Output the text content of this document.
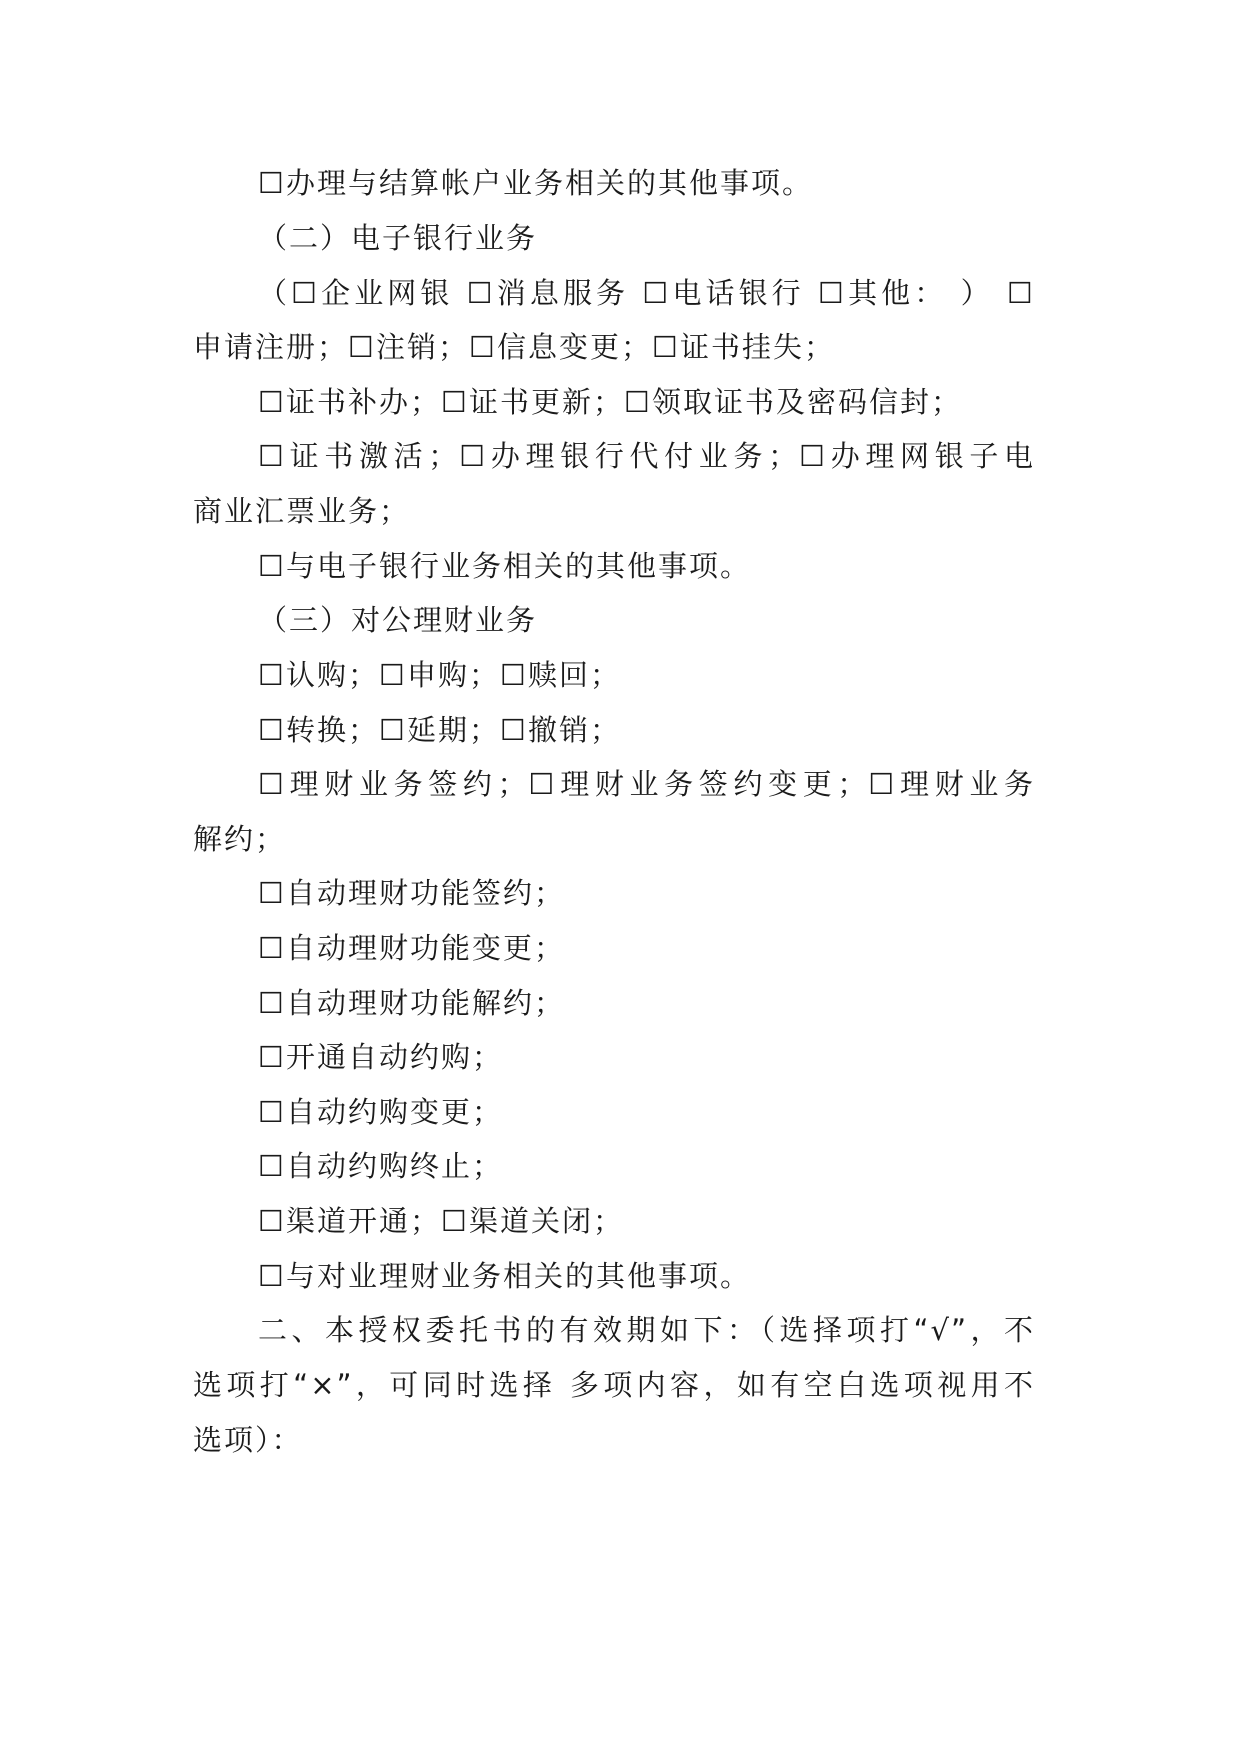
☐办理与结算帐户业务相关的其他事项。
（二）电子银行业务
（☐企业网银 ☐消息服务 ☐电话银行 ☐其他： ） ☐
申请注册；☐注销；☐信息变更；☐证书挂失；
☐证书补办；☐证书更新；☐领取证书及密码信封；
☐证书激活；☐办理银行代付业务；☐办理网银子电
商业汇票业务；
☐与电子银行业务相关的其他事项。
（三）对公理财业务
☐认购；☐申购；☐赎回；
☐转换；☐延期；☐撤销；
☐理财业务签约；☐理财业务签约变更；☐理财业务
解约；
☐自动理财功能签约；
☐自动理财功能变更；
☐自动理财功能解约；
☐开通自动约购；
☐自动约购变更；
☐自动约购终止；
☐渠道开通；☐渠道关闭；
☐与对业理财业务相关的其他事项。
二、本授权委托书的有效期如下：（选择项打“√”，不
选项打“×”，可同时选择 多项内容，如有空白选项视用不
选项）：
